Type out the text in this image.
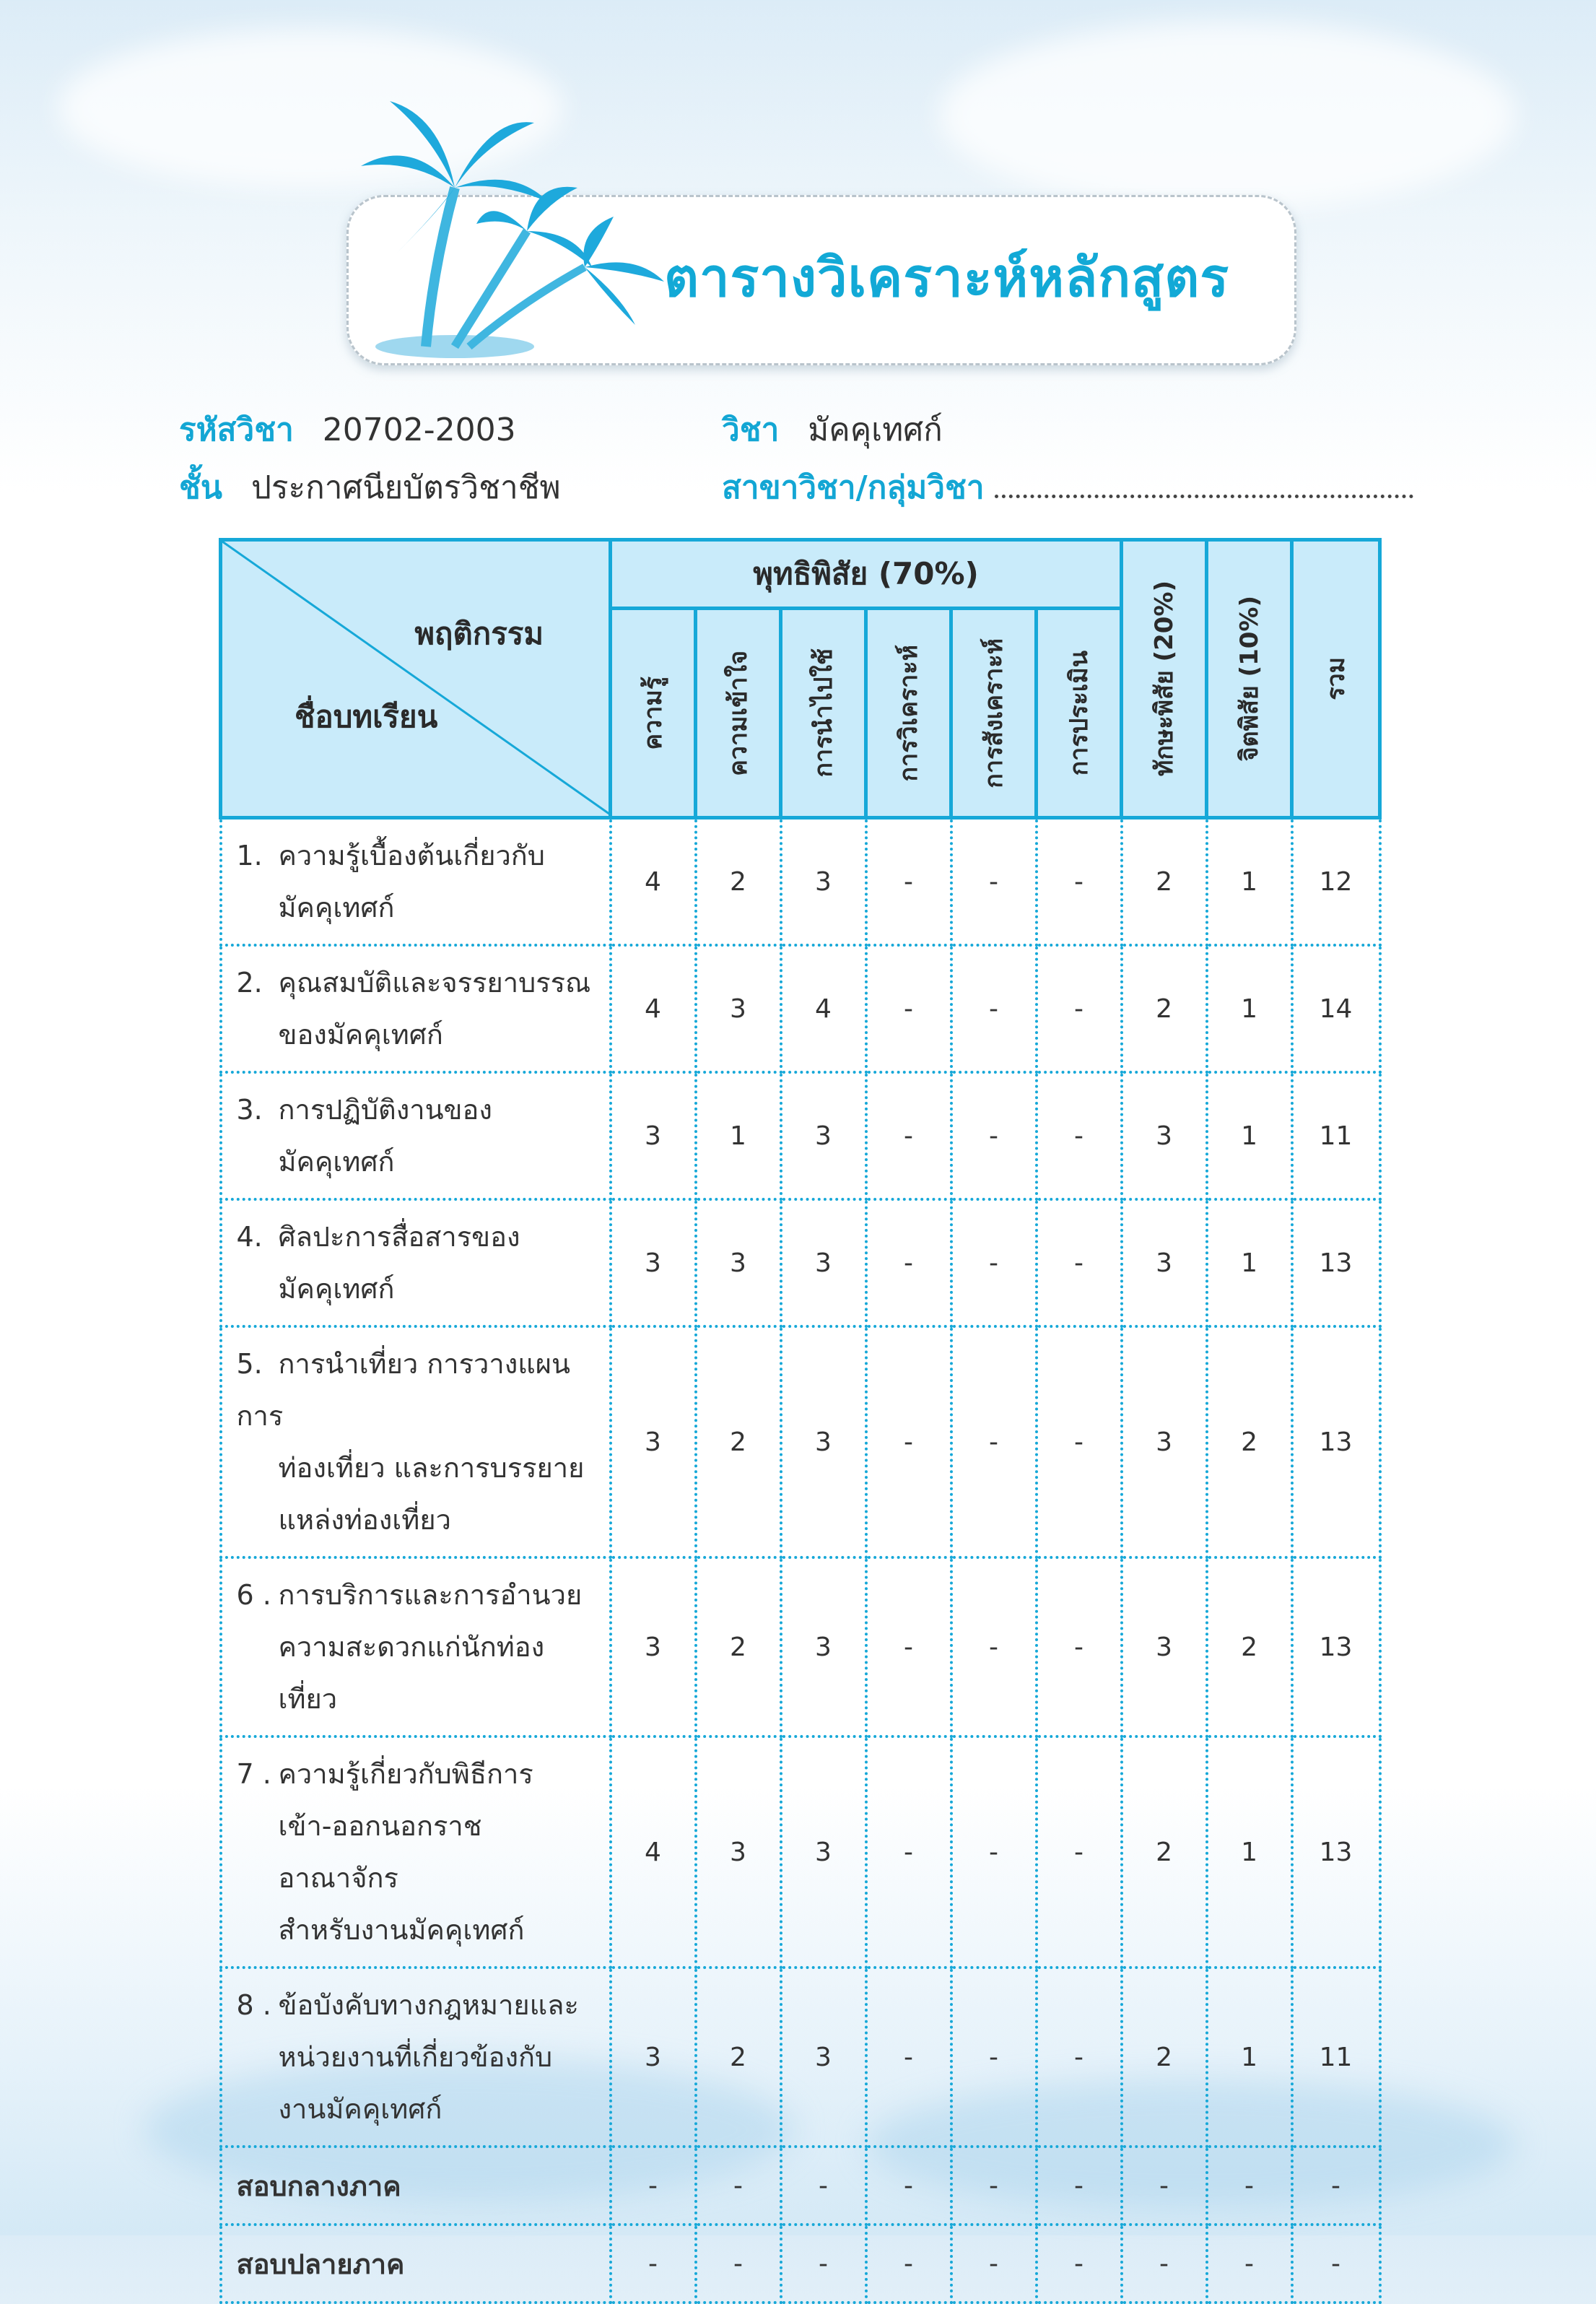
ตารางวิเคราะห์หลักสูตร
รหัสวิชา 20702-2003	วิชา มัคคุเทศก์
ชั้น ประกาศนียบัตรวิชาชีพ	สาขาวิชา/กลุ่มวิชา
พฤติกรรม
ชื่อบทเรียน	พุทธิพิสัย (70%)						ทักษะพิสัย (20%)	จิตพิสัย (10%)	รวม

	ความรู้	ความเข้าใจ	การนำไปใช้	การวิเคราะห์	การสังเคราะห์	การประเมิน			

1. ความรู้เบื้องต้นเกี่ยวกับ
มัคคุเทศก์	4	2	3	-	-	-	2	1	12
2. คุณสมบัติและจรรยาบรรณ
ของมัคคุเทศก์	4	3	4	-	-	-	2	1	14
3. การปฏิบัติงานของ
มัคคุเทศก์	3	1	3	-	-	-	3	1	11
4. ศิลปะการสื่อสารของ
มัคคุเทศก์	3	3	3	-	-	-	3	1	13
5. การนำเที่ยว การวางแผนการ
ท่องเที่ยว และการบรรยาย
แหล่งท่องเที่ยว	3	2	3	-	-	-	3	2	13
6 . การบริการและการอำนวย
ความสะดวกแก่นักท่องเที่ยว	3	2	3	-	-	-	3	2	13
7 . ความรู้เกี่ยวกับพิธีการ
เข้า-ออกนอกราชอาณาจักร
สำหรับงานมัคคุเทศก์	4	3	3	-	-	-	2	1	13
8 . ข้อบังคับทางกฎหมายและ
หน่วยงานที่เกี่ยวข้องกับ
งานมัคคุเทศก์	3	2	3	-	-	-	2	1	11
สอบกลางภาค	-	-	-	-	-	-	-	-	-
สอบปลายภาค	-	-	-	-	-	-	-	-	-
